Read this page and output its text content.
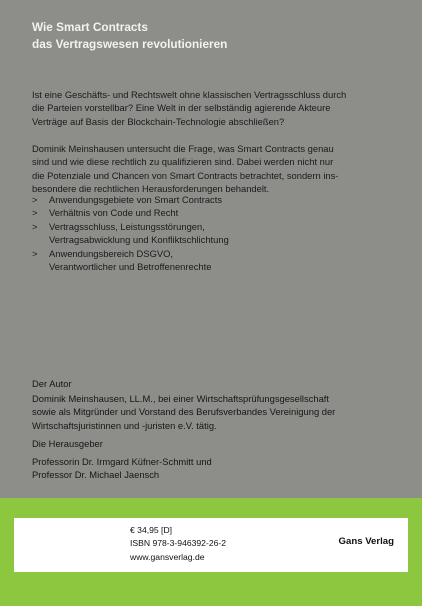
Wie Smart Contracts
das Vertragswesen revolutionieren
Ist eine Geschäfts- und Rechtswelt ohne klassischen Vertragsschluss durch
die Parteien vorstellbar? Eine Welt in der selbständig agierende Akteure
Verträge auf Basis der Blockchain-Technologie abschließen?
Dominik Meinshausen untersucht die Frage, was Smart Contracts genau
sind und wie diese rechtlich zu qualifizieren sind. Dabei werden nicht nur
die Potenziale und Chancen von Smart Contracts betrachtet, sondern ins-
besondere die rechtlichen Herausforderungen behandelt.
>	Anwendungsgebiete von Smart Contracts
>	Verhältnis von Code und Recht
>	Vertragsschluss, Leistungsstörungen,
Vertragsabwicklung und Konfliktschlichtung
>	Anwendungsbereich DSGVO,
Verantwortlicher und Betroffenenrechte
Der Autor
Dominik Meinshausen, LL.M., bei einer Wirtschaftsprüfungsgesellschaft
sowie als Mitgründer und Vorstand des Berufsverbandes Vereinigung der
Wirtschaftsjuristinnen und -juristen e.V. tätig.
Die Herausgeber
Professorin Dr. Irmgard Küfner-Schmitt und
Professor Dr. Michael Jaensch
€ 34,95 [D]
ISBN 978-3-946392-26-2
www.gansverlag.de
Gans Verlag
